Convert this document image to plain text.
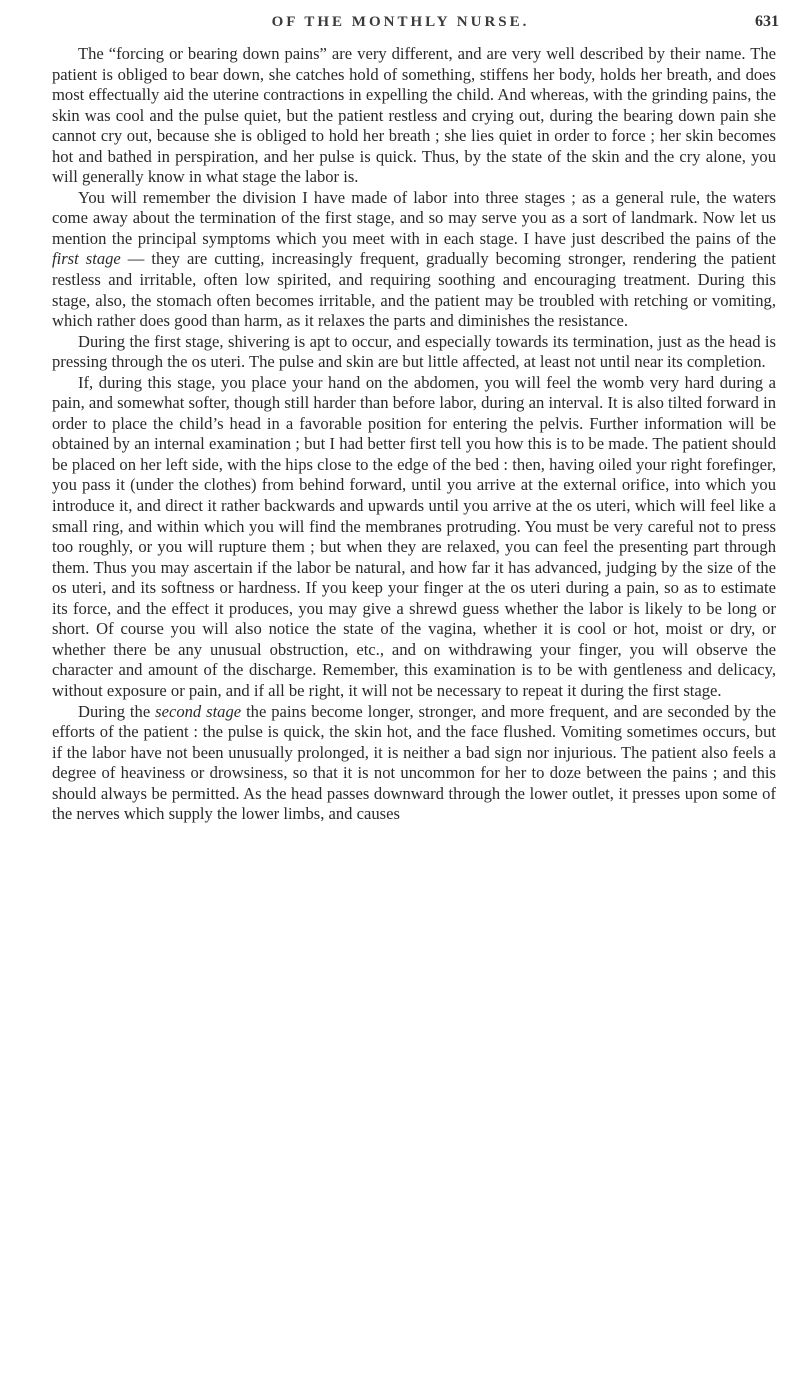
OF THE MONTHLY NURSE.	631

The “forcing or bearing down pains” are very different, and are very well described by their name. The patient is obliged to bear down, she catches hold of something, stiffens her body, holds her breath, and does most effectually aid the uterine contractions in expelling the child. And whereas, with the grinding pains, the skin was cool and the pulse quiet, but the patient restless and crying out, during the bearing down pain she cannot cry out, because she is obliged to hold her breath ; she lies quiet in order to force ; her skin becomes hot and bathed in perspiration, and her pulse is quick. Thus, by the state of the skin and the cry alone, you will generally know in what stage the labor is.

You will remember the division I have made of labor into three stages ; as a general rule, the waters come away about the termination of the first stage, and so may serve you as a sort of landmark. Now let us mention the principal symptoms which you meet with in each stage. I have just described the pains of the first stage — they are cutting, increasingly frequent, gradually becoming stronger, rendering the patient restless and irritable, often low spirited, and requiring soothing and encouraging treatment. During this stage, also, the stomach often becomes irritable, and the patient may be troubled with retching or vomiting, which rather does good than harm, as it relaxes the parts and diminishes the resistance.

During the first stage, shivering is apt to occur, and especially towards its termination, just as the head is pressing through the os uteri. The pulse and skin are but little affected, at least not until near its completion.

If, during this stage, you place your hand on the abdomen, you will feel the womb very hard during a pain, and somewhat softer, though still harder than before labor, during an interval. It is also tilted forward in order to place the child’s head in a favorable position for entering the pelvis. Further information will be obtained by an internal examination ; but I had better first tell you how this is to be made. The patient should be placed on her left side, with the hips close to the edge of the bed : then, having oiled your right forefinger, you pass it (under the clothes) from behind forward, until you arrive at the external orifice, into which you introduce it, and direct it rather backwards and upwards until you arrive at the os uteri, which will feel like a small ring, and within which you will find the membranes protruding. You must be very careful not to press too roughly, or you will rupture them ; but when they are relaxed, you can feel the presenting part through them. Thus you may ascertain if the labor be natural, and how far it has advanced, judging by the size of the os uteri, and its softness or hardness. If you keep your finger at the os uteri during a pain, so as to estimate its force, and the effect it produces, you may give a shrewd guess whether the labor is likely to be long or short. Of course you will also notice the state of the vagina, whether it is cool or hot, moist or dry, or whether there be any unusual obstruction, etc., and on withdrawing your finger, you will observe the character and amount of the discharge. Remember, this examination is to be with gentleness and delicacy, without exposure or pain, and if all be right, it will not be necessary to repeat it during the first stage.

During the second stage the pains become longer, stronger, and more frequent, and are seconded by the efforts of the patient : the pulse is quick, the skin hot, and the face flushed. Vomiting sometimes occurs, but if the labor have not been unusually prolonged, it is neither a bad sign nor injurious. The patient also feels a degree of heaviness or drowsiness, so that it is not uncommon for her to doze between the pains ; and this should always be permitted. As the head passes downward through the lower outlet, it presses upon some of the nerves which supply the lower limbs, and causes
